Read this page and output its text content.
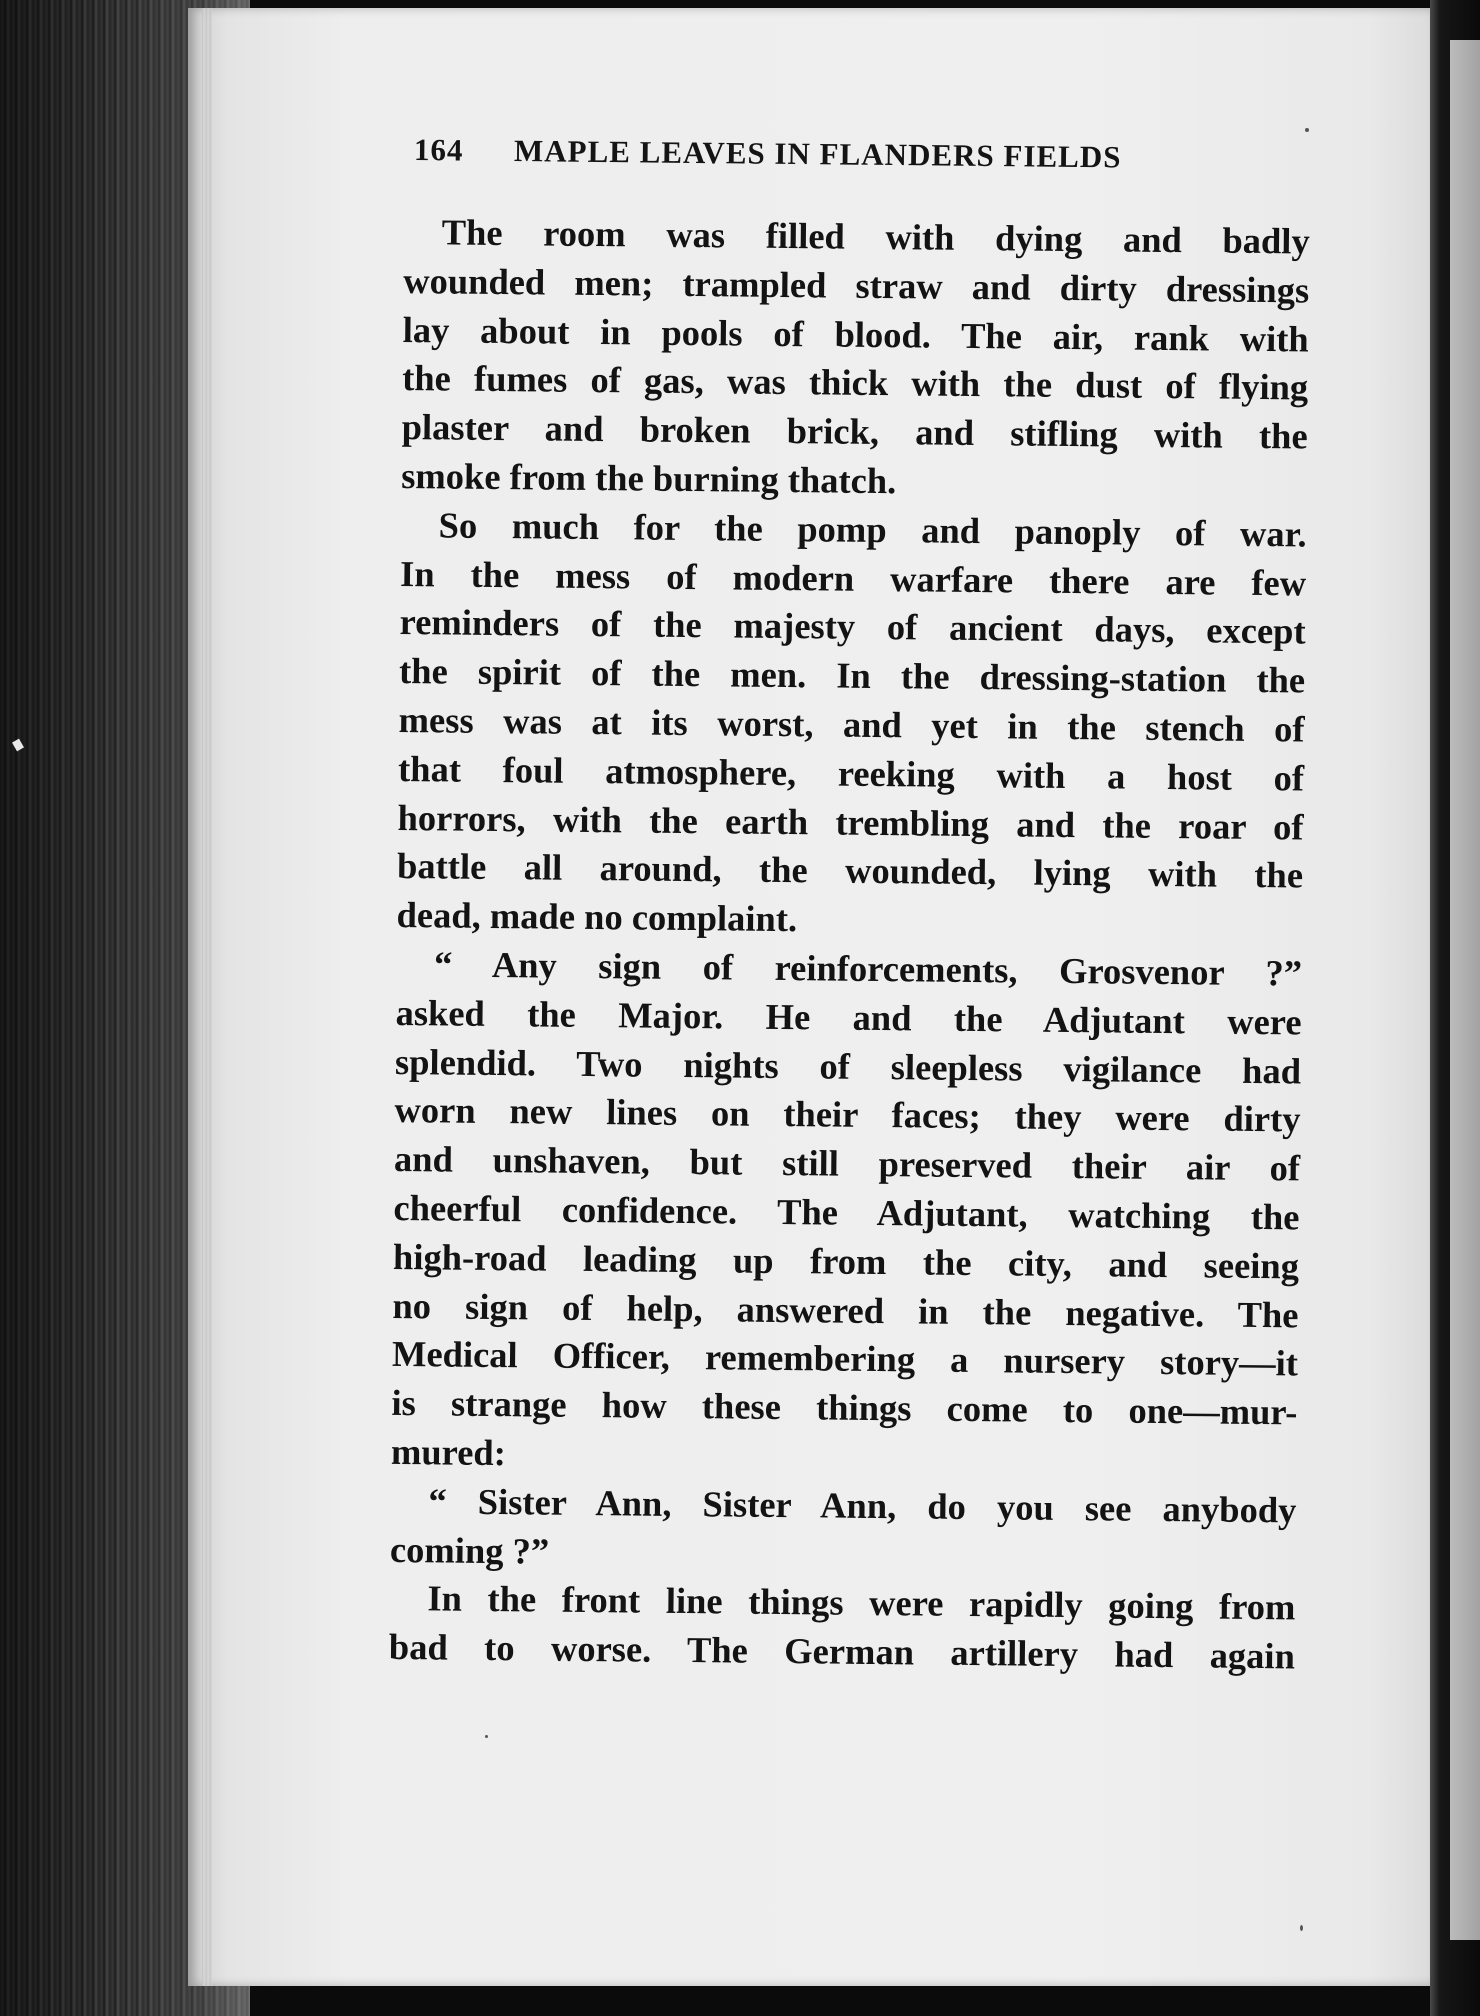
164 MAPLE LEAVES IN FLANDERS FIELDS
The room was filled with dying and badly
wounded men; trampled straw and dirty dressings
lay about in pools of blood. The air, rank with
the fumes of gas, was thick with the dust of flying
plaster and broken brick, and stifling with the
smoke from the burning thatch.
So much for the pomp and panoply of war.
In the mess of modern warfare there are few
reminders of the majesty of ancient days, except
the spirit of the men. In the dressing-station the
mess was at its worst, and yet in the stench of
that foul atmosphere, reeking with a host of
horrors, with the earth trembling and the roar of
battle all around, the wounded, lying with the
dead, made no complaint.
“ Any sign of reinforcements, Grosvenor ?”
asked the Major. He and the Adjutant were
splendid. Two nights of sleepless vigilance had
worn new lines on their faces; they were dirty
and unshaven, but still preserved their air of
cheerful confidence. The Adjutant, watching the
high-road leading up from the city, and seeing
no sign of help, answered in the negative. The
Medical Officer, remembering a nursery story—it
is strange how these things come to one—mur-
mured:
“ Sister Ann, Sister Ann, do you see anybody
coming ?”
In the front line things were rapidly going from
bad to worse. The German artillery had again
